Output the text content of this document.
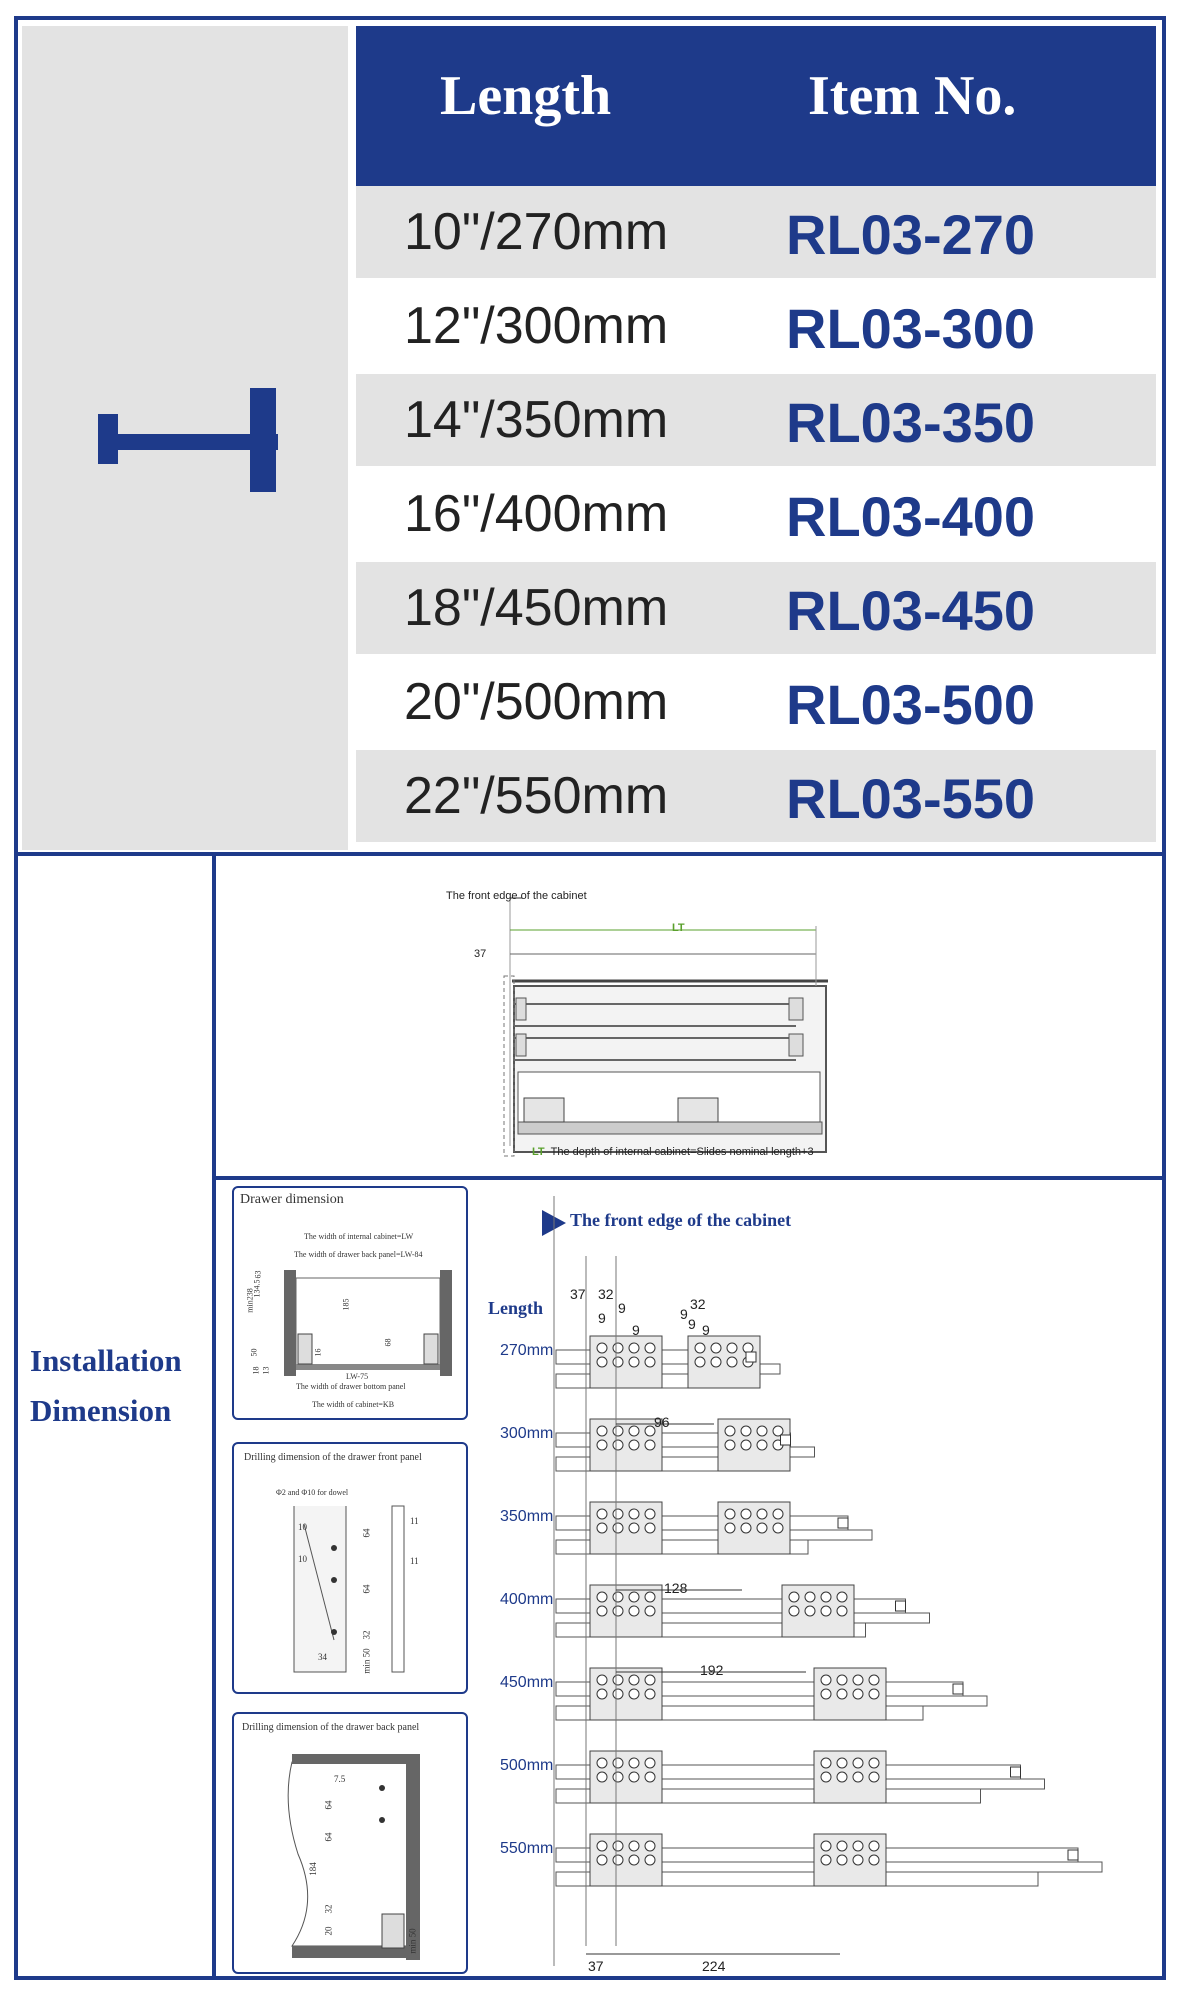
Length	Item No.
10"/270mm RL03-270
12"/300mm RL03-300
14"/350mm RL03-350
16"/400mm RL03-400
18"/450mm RL03-450
20"/500mm RL03-500
22"/550mm RL03-550
Installation
Dimension
The front edge of the cabinet
LT
37
LT The depth of internal cabinet=Slides nominal length+3
Drawer dimension
The width of internal cabinet=LW
The width of drawer back panel=LW-84
The width of drawer bottom panel
LW-75
The width of cabinet=KB
min238
134.5
63
185
50
18 13
16
68
Drilling dimension of the drawer front panel
Φ2 and Φ10 for dowel
10
10
64
64
32
34	min 50
11
11
Drilling dimension of the drawer back panel
7.5
64
64
184
32
20	min 50
The front edge of the cabinet
Length
270mm
300mm
350mm
400mm
450mm
500mm
550mm
37 32
32
9
9	9
9	9 9
96
128
192
37	224
